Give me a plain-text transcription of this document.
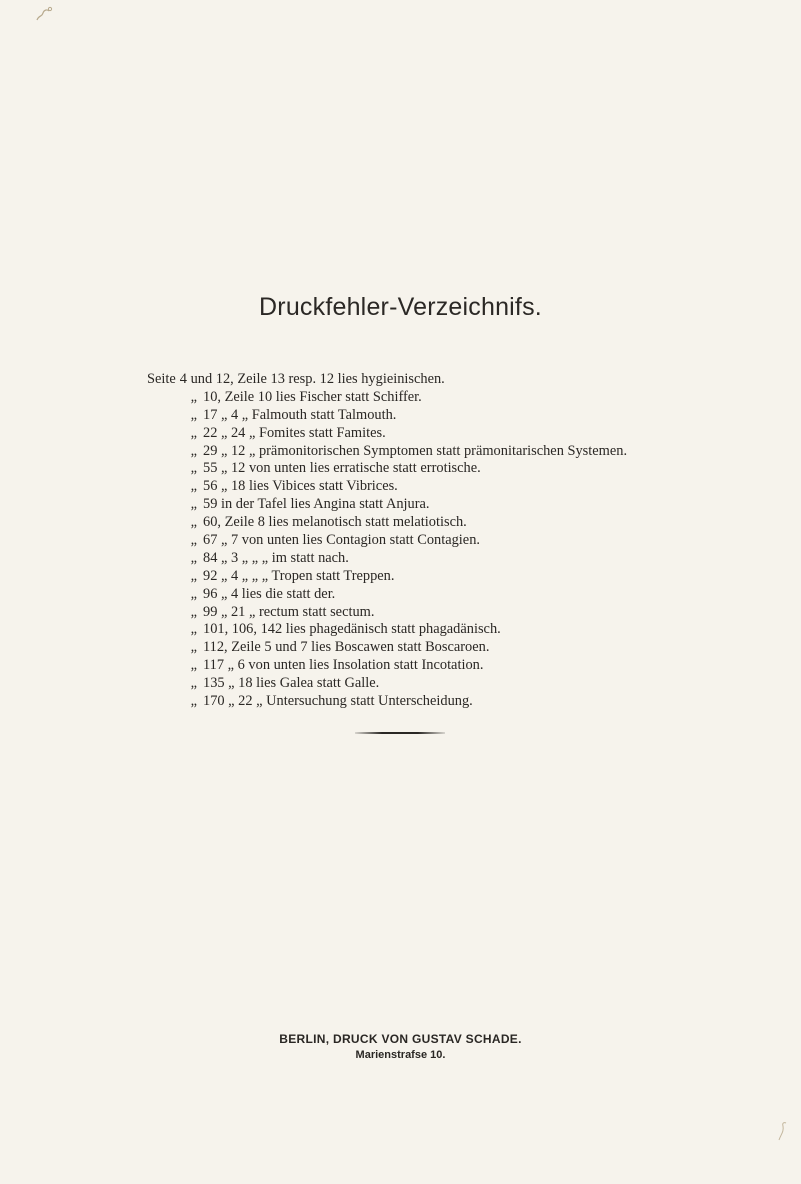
Druckfehler-Verzeichnifs.
Seite 4 und 12, Zeile 13 resp. 12 lies hygieinischen.
„ 10, Zeile 10 lies Fischer statt Schiffer.
„ 17 „ 4 „ Falmouth statt Talmouth.
„ 22 „ 24 „ Fomites statt Famites.
„ 29 „ 12 „ prämonitorischen Symptomen statt prämonitarischen Systemen.
„ 55 „ 12 von unten lies erratische statt errotische.
„ 56 „ 18 lies Vibices statt Vibrices.
„ 59 in der Tafel lies Angina statt Anjura.
„ 60, Zeile 8 lies melanotisch statt melatiotisch.
„ 67 „ 7 von unten lies Contagion statt Contagien.
„ 84 „ 3 „ „ „ im statt nach.
„ 92 „ 4 „ „ „ Tropen statt Treppen.
„ 96 „ 4 lies die statt der.
„ 99 „ 21 „ rectum statt sectum.
„ 101, 106, 142 lies phagedänisch statt phagadänisch.
„ 112, Zeile 5 und 7 lies Boscawen statt Boscaroen.
„ 117 „ 6 von unten lies Insolation statt Incotation.
„ 135 „ 18 lies Galea statt Galle.
„ 170 „ 22 „ Untersuchung statt Unterscheidung.
BERLIN, DRUCK VON GUSTAV SCHADE.
Marienstrafse 10.
